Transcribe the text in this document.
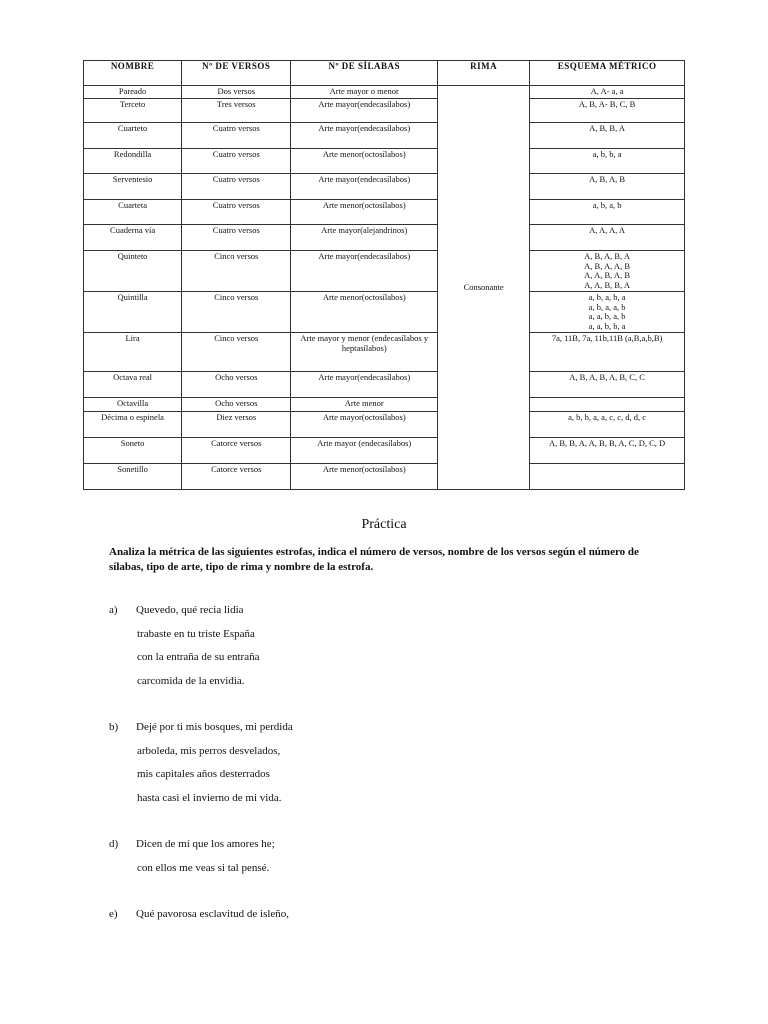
NOMBRE	Nº DE VERSOS	Nº DE SÍLABAS	RIMA	ESQUEMA MÉTRICO
Pareado	Dos versos	Arte mayor o menor	Consonante	A, A- a, a

Terceto	Tres versos	Arte mayor(endecasílabos)		A, B, A- B, C, B

Cuarteto	Cuatro versos	Arte mayor(endecasílabos)		A, B, B, A

Redondilla	Cuatro versos	Arte menor(octosílabos)		a, b, b, a

Serventesio	Cuatro versos	Arte mayor(endecasílabos)		A, B, A, B

Cuarteta	Cuatro versos	Arte menor(octosílabos)		a, b, a, b

Cuaderna vía	Cuatro versos	Arte mayor(alejandrinos)		A, A, A, A

Quinteto	Cinco versos	Arte mayor(endecasílabos)		A, B, A, B, A
A, B, A, A, B
A, A, B, A, B
A, A, B, B, A

Quintilla	Cinco versos	Arte menor(octosílabos)		a, b, a, b, a
a, b, a, a, b
a, a, b, a, b
a, a, b, b, a

Lira	Cinco versos	Arte mayor y menor (endecasílabos y heptasílabos)		7a, 11B, 7a, 11b,11B (a,B,a,b,B)

Octava real	Ocho versos	Arte mayor(endecasílabos)		A, B, A, B, A, B, C, C

Octavilla	Ocho versos	Arte menor		

Décima o espinela	Diez versos	Arte mayor(octosílabos)		a, b, b, a, a, c, c, d, d, c

Soneto	Catorce versos	Arte mayor (endecasílabos)		A, B, B, A, A, B, B, A, C, D, C, D

Sonetillo	Catorce versos	Arte menor(octosílabos)		
Práctica
Analiza la métrica de las siguientes estrofas, indica el número de versos, nombre de los versos según el número de sílabas, tipo de arte, tipo de rima y nombre de la estrofa.
a) Quevedo, qué recia lidia
trabaste en tu triste España
con la entraña de su entraña
carcomida de la envidia.
b) Dejé por ti mis bosques, mi perdida
arboleda, mis perros desvelados,
mis capitales años desterrados
hasta casi el invierno de mi vida.
d) Dicen de mí que los amores he;
con ellos me veas si tal pensé.
e) Qué pavorosa esclavitud de isleño,
